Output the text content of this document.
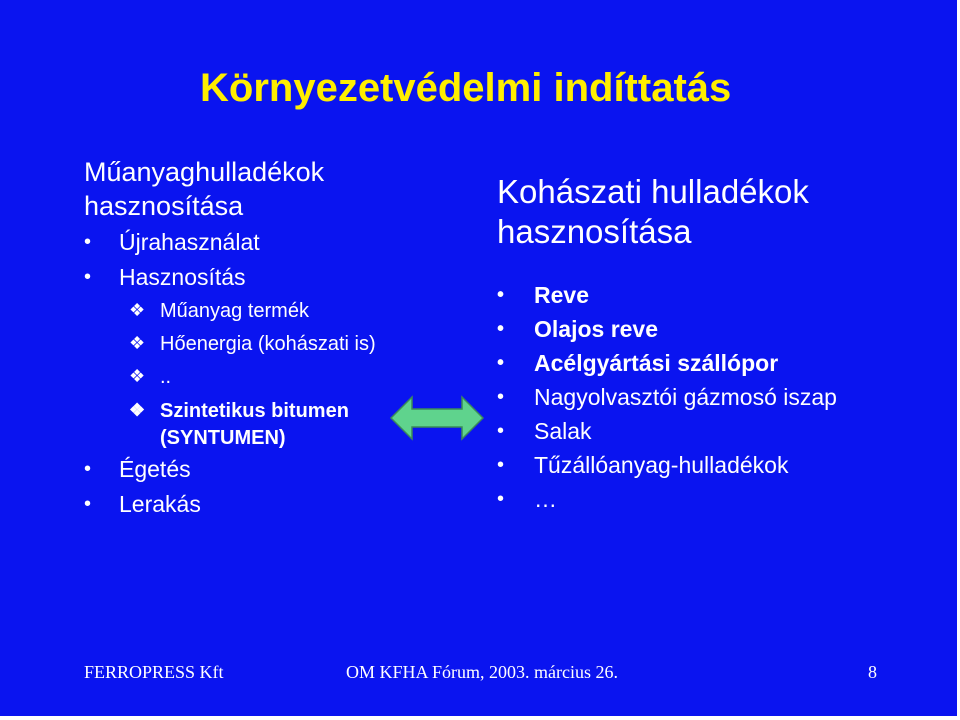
Környezetvédelmi indíttatás
Műanyaghulladékok hasznosítása
• Újrahasználat
• Hasznosítás
❖ Műanyag termék
❖ Hőenergia (kohászati is)
❖ ..
❖ Szintetikus bitumen (SYNTUMEN)
• Égetés
• Lerakás
Kohászati hulladékok hasznosítása
• Reve
• Olajos reve
• Acélgyártási szállópor
• Nagyolvasztói gázmosó iszap
• Salak
• Tűzállóanyag-hulladékok
• …
FERROPRESS Kft	OM KFHA Fórum, 2003. március 26.	8
